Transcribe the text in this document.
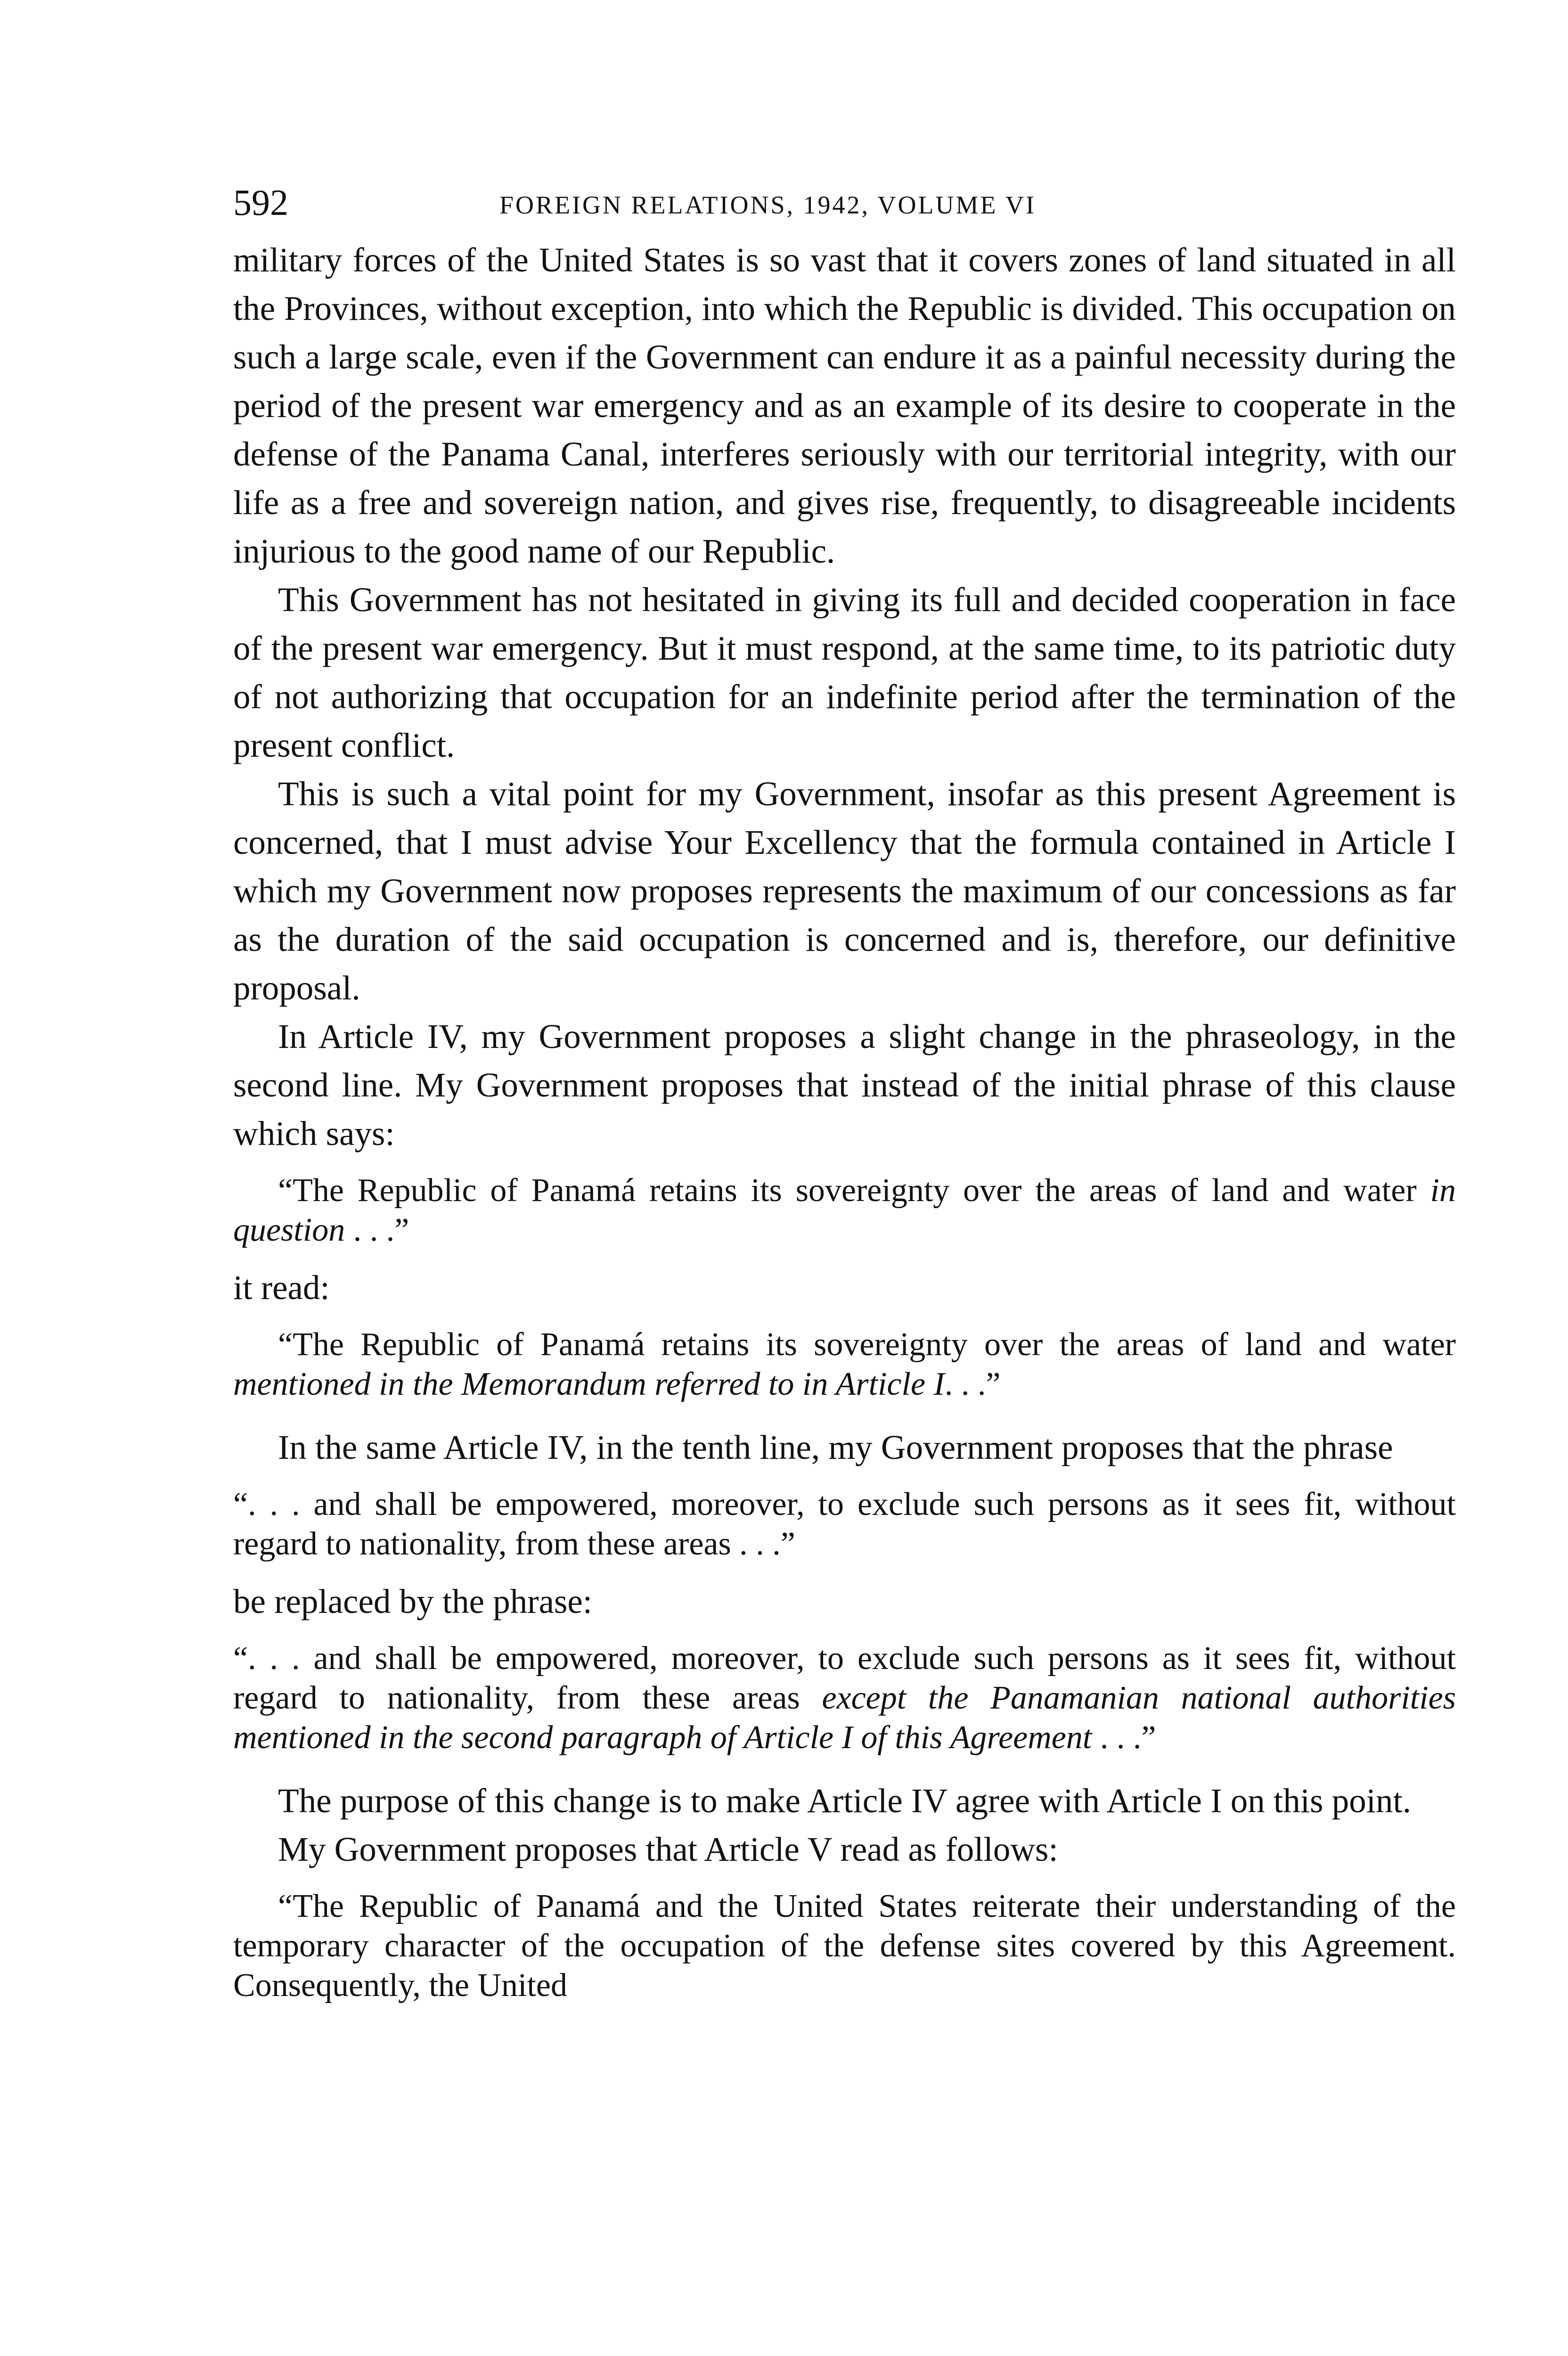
592	FOREIGN RELATIONS, 1942, VOLUME VI

military forces of the United States is so vast that it covers zones of land situated in all the Provinces, without exception, into which the Republic is divided. This occupation on such a large scale, even if the Government can endure it as a painful necessity during the period of the present war emergency and as an example of its desire to cooperate in the defense of the Panama Canal, interferes seriously with our territorial integrity, with our life as a free and sovereign nation, and gives rise, frequently, to disagreeable incidents injurious to the good name of our Republic.

This Government has not hesitated in giving its full and decided cooperation in face of the present war emergency. But it must respond, at the same time, to its patriotic duty of not authorizing that occupation for an indefinite period after the termination of the present conflict.

This is such a vital point for my Government, insofar as this present Agreement is concerned, that I must advise Your Excellency that the formula contained in Article I which my Government now proposes represents the maximum of our concessions as far as the duration of the said occupation is concerned and is, therefore, our definitive proposal.

In Article IV, my Government proposes a slight change in the phraseology, in the second line. My Government proposes that instead of the initial phrase of this clause which says:

“The Republic of Panamá retains its sovereignty over the areas of land and water in question . . .”

it read:

“The Republic of Panamá retains its sovereignty over the areas of land and water mentioned in the Memorandum referred to in Article I. . .”

In the same Article IV, in the tenth line, my Government proposes that the phrase

“. . . and shall be empowered, moreover, to exclude such persons as it sees fit, without regard to nationality, from these areas . . .”

be replaced by the phrase:

“. . . and shall be empowered, moreover, to exclude such persons as it sees fit, without regard to nationality, from these areas except the Panamanian national authorities mentioned in the second paragraph of Article I of this Agreement . . .”

The purpose of this change is to make Article IV agree with Article I on this point.

My Government proposes that Article V read as follows:

“The Republic of Panamá and the United States reiterate their understanding of the temporary character of the occupation of the defense sites covered by this Agreement. Consequently, the United
